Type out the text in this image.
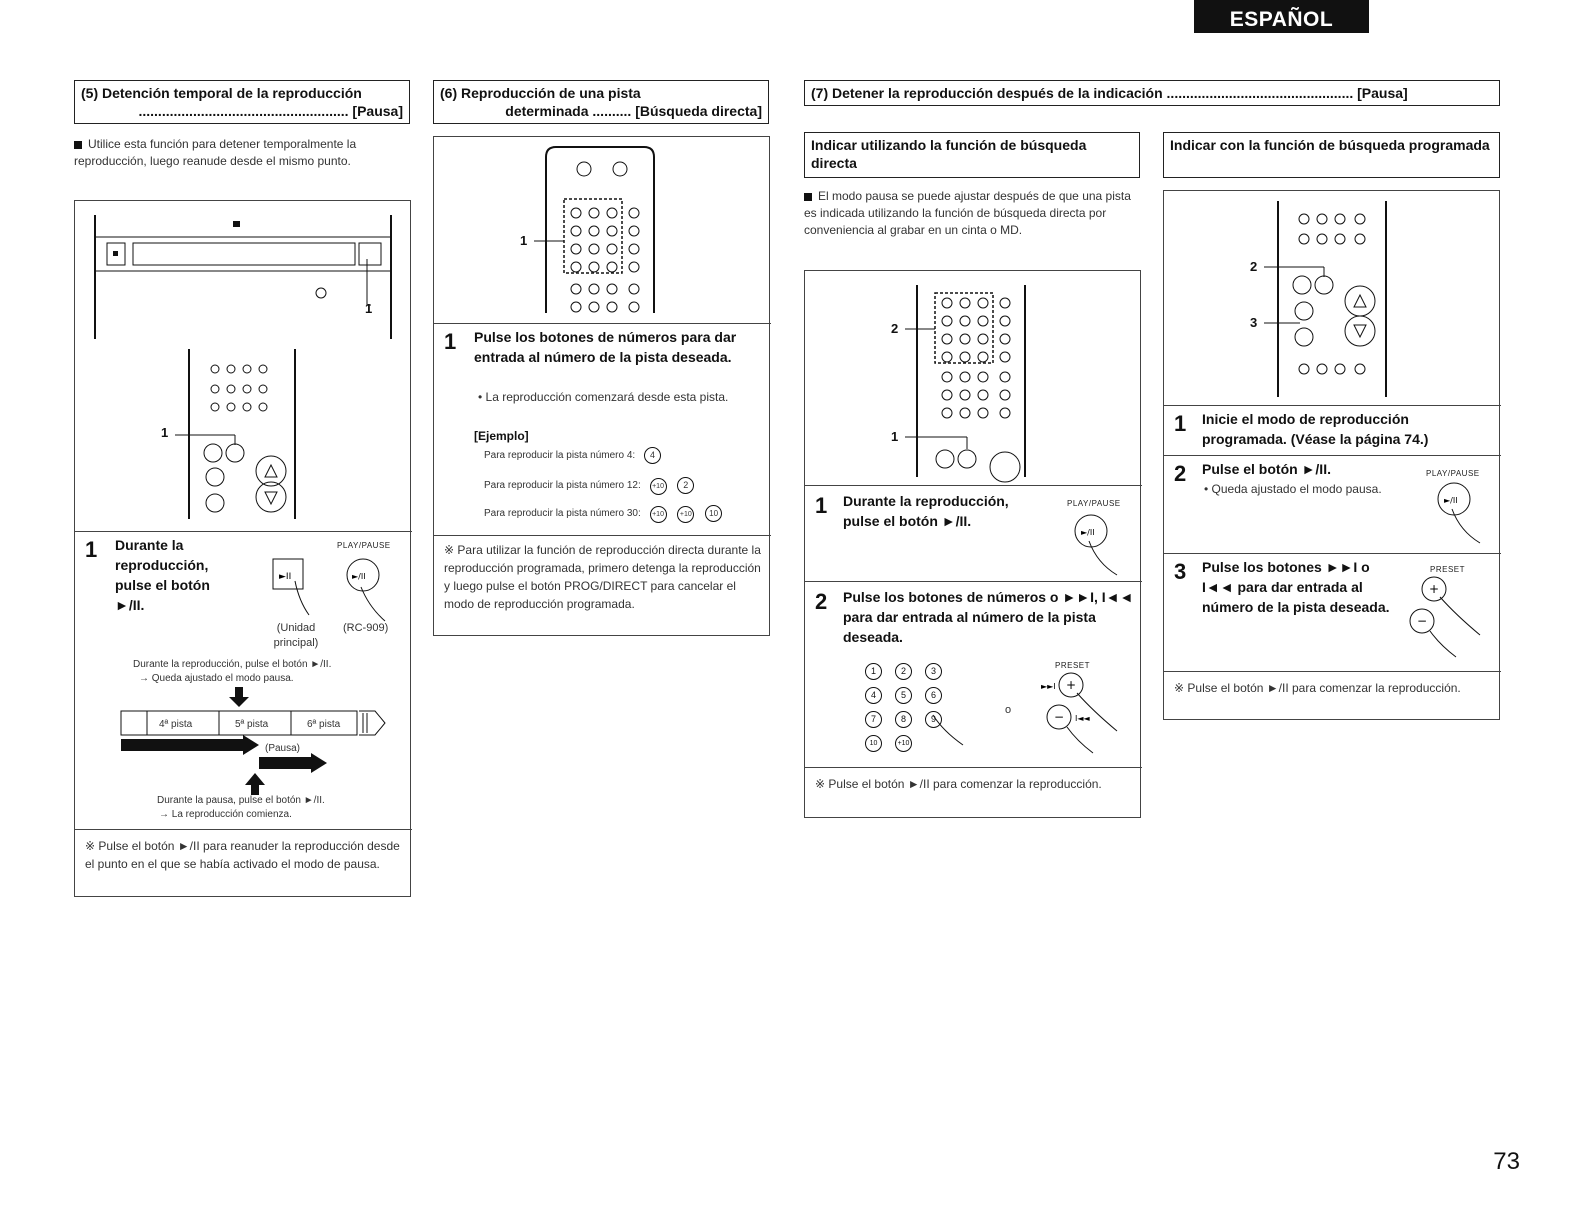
ESPAÑOL
(5) Detención temporal de la reproducción
...................................................... [Pausa]
Utilice esta función para detener temporalmente la reproducción, luego reanude desde el mismo punto.
1
1
1 Durante la reproducción, pulse el botón ►/II.
PLAY/PAUSE
►II	►/II
(Unidad principal)
(RC-909)
Durante la reproducción, pulse el botón ►/II.
→ Queda ajustado el modo pausa.
4ª pista	5ª pista	6ª pista
(Pausa)
Durante la pausa, pulse el botón ►/II.
→ La reproducción comienza.
※ Pulse el botón ►/II para reanuder la reproducción desde el punto en el que se había activado el modo de pausa.
(6) Reproducción de una pista
determinada .......... [Búsqueda directa]
1
1 Pulse los botones de números para dar entrada al número de la pista deseada.
• La reproducción comenzará desde esta pista.
[Ejemplo]
Para reproducir la pista número 4: 4
Para reproducir la pista número 12: +10 2
Para reproducir la pista número 30: +10 +10 10
※ Para utilizar la función de reproducción directa durante la reproducción programada, primero detenga la reproducción y luego pulse el botón PROG/DIRECT para cancelar el modo de reproducción programada.
(7) Detener la reproducción después de la indicación ................................................ [Pausa]
Indicar utilizando la función de búsqueda directa
El modo pausa se puede ajustar después de que una pista es indicada utilizando la función de búsqueda directa por conveniencia al grabar en un cinta o MD.
2
1
1 Durante la reproducción, pulse el botón ►/II.
PLAY/PAUSE
►/II
2 Pulse los botones de números o ►►I, I◄◄ para dar entrada al número de la pista deseada.
1	2	3
4	5	6
7	8	9
10	+10
o
PRESET
+
−
►►I
I◄◄
※ Pulse el botón ►/II para comenzar la reproducción.
Indicar con la función de búsqueda programada
2
3
1 Inicie el modo de reproducción programada. (Véase la página 74.)
2 Pulse el botón ►/II.
• Queda ajustado el modo pausa.
PLAY/PAUSE
►/II
3 Pulse los botones ►►I o I◄◄ para dar entrada al número de la pista deseada.
PRESET
+
−
※ Pulse el botón ►/II para comenzar la reproducción.
73
